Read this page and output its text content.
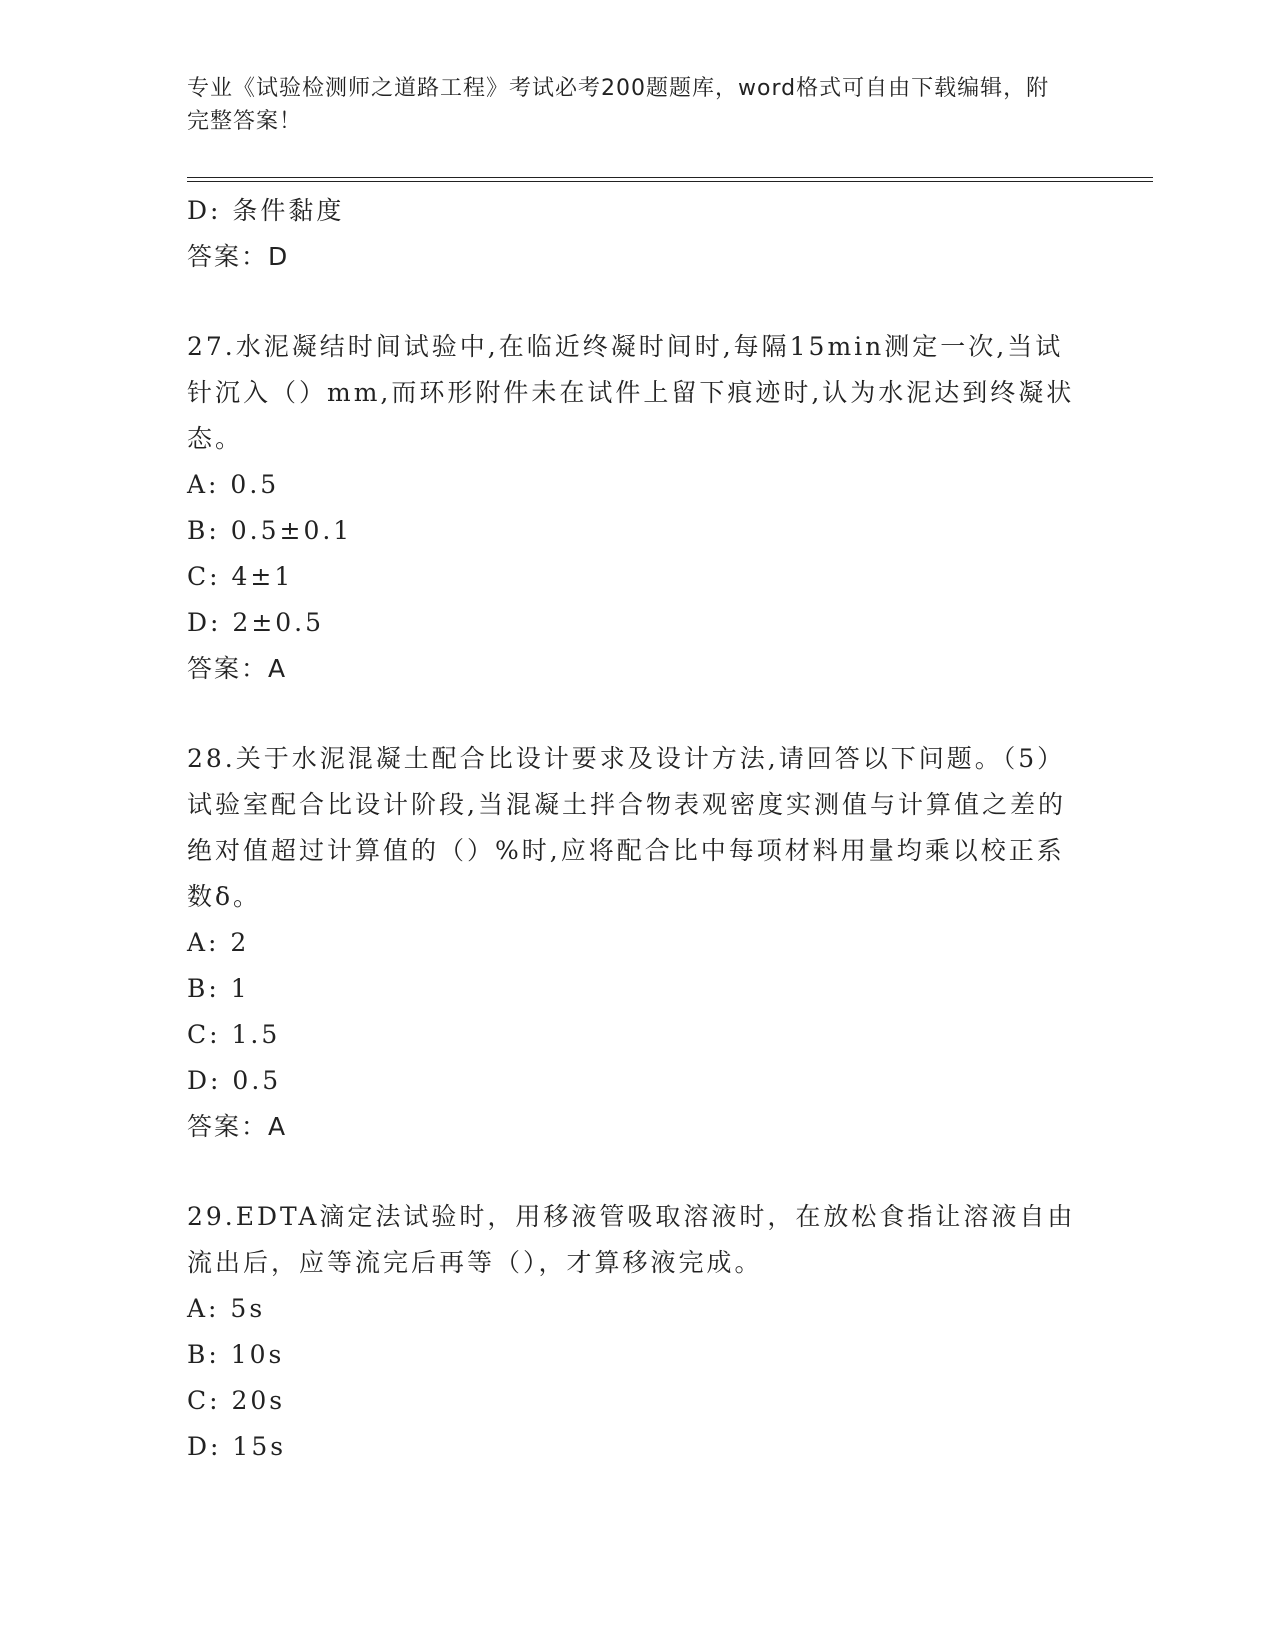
专业《试验检测师之道路工程》考试必考200题题库，word格式可自由下载编辑，附完整答案！
D: 条件黏度
答案：D
27.水泥凝结时间试验中,在临近终凝时间时,每隔15min测定一次,当试针沉入（）mm,而环形附件未在试件上留下痕迹时,认为水泥达到终凝状态。
A: 0.5
B: 0.5±0.1
C: 4±1
D: 2±0.5
答案：A
28.关于水泥混凝土配合比设计要求及设计方法,请回答以下问题。（5）试验室配合比设计阶段,当混凝土拌合物表观密度实测值与计算值之差的绝对值超过计算值的（）%时,应将配合比中每项材料用量均乘以校正系数δ。
A: 2
B: 1
C: 1.5
D: 0.5
答案：A
29.EDTA滴定法试验时，用移液管吸取溶液时，在放松食指让溶液自由流出后，应等流完后再等（），才算移液完成。
A: 5s
B: 10s
C: 20s
D: 15s
